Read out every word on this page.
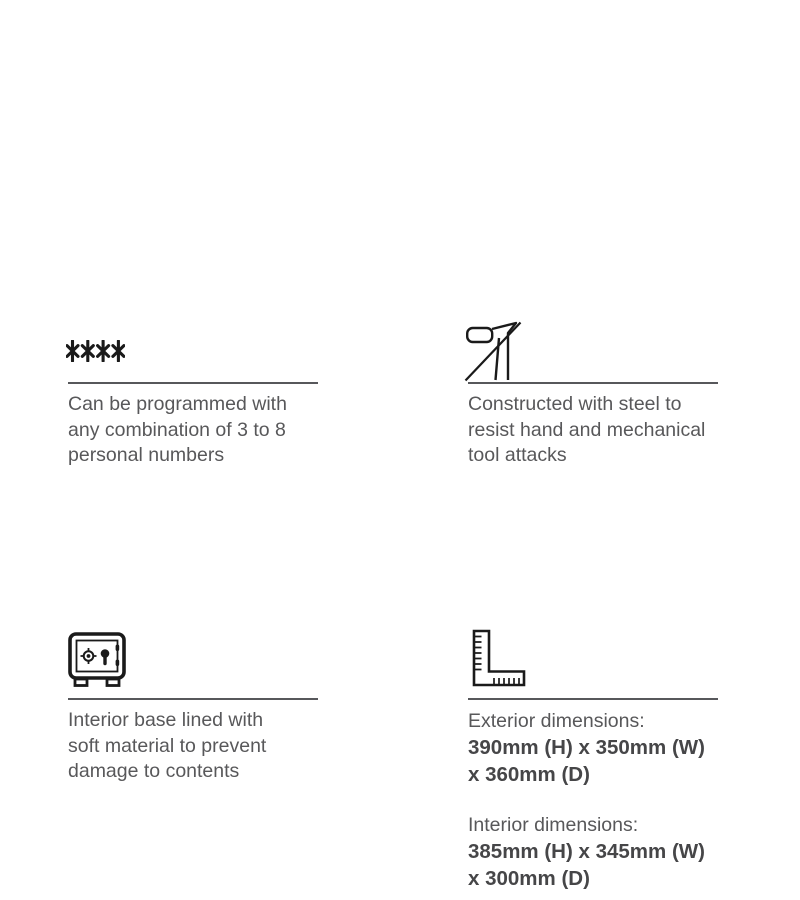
Can be programmed with
any combination of 3 to 8
personal numbers

Constructed with steel to
resist hand and mechanical
tool attacks

Interior base lined with
soft material to prevent
damage to contents

Exterior dimensions:
390mm (H) x 350mm (W)
x 360mm (D)
Interior dimensions:
385mm (H) x 345mm (W)
x 300mm (D)
